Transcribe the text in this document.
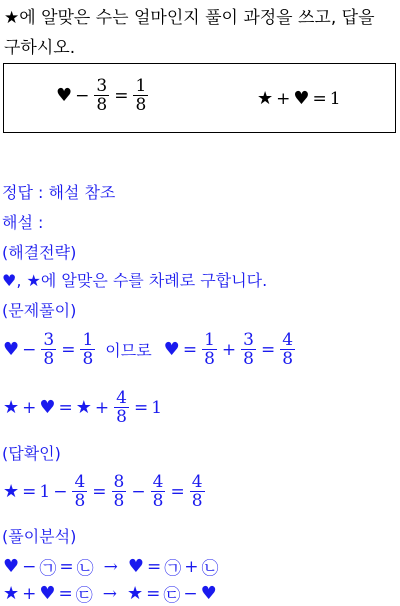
★에 알맞은 수는 얼마인지 풀이 과정을 쓰고, 답을
구하시오.
♥ − $\frac{3}{8} = \frac{1}{8}$	★ + ♥ = 1
정답 : 해설 참조
해설 :
(해결전략)
♥, ★에 알맞은 수를 차례로 구합니다.
(문제풀이)
♥ − $\frac{3}{8} = \frac{1}{8}$ 이므로 ♥ = $\frac{1}{8} + \frac{3}{8} = \frac{4}{8}$
★ + ♥ = ★ + $\frac{4}{8} = 1$
(답확인)
★ = $1 - \frac{4}{8} = \frac{8}{8} - \frac{4}{8} = \frac{4}{8}$
(풀이분석)
♥ − ㉠ = ㉡ → ♥ = ㉠ + ㉡
★ + ♥ = ㉢ → ★ = ㉢ − ♥
